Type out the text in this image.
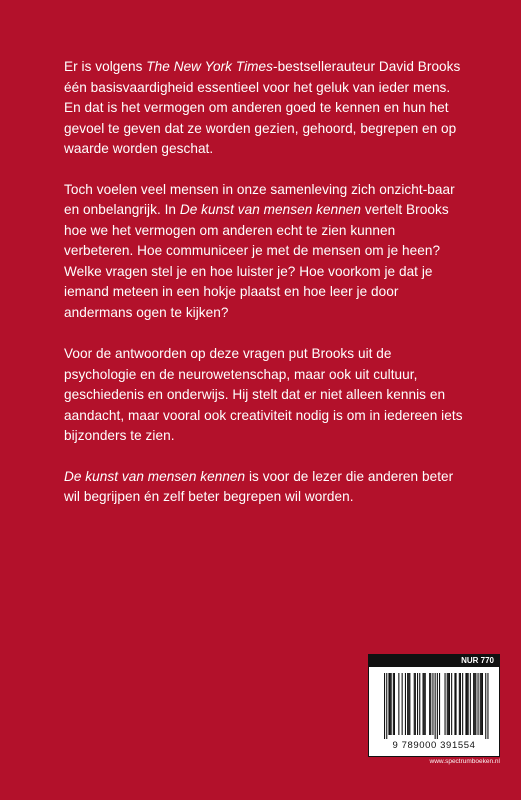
Er is volgens The New York Times-bestsellerauteur David Brooks één basisvaardigheid essentieel voor het geluk van ieder mens. En dat is het vermogen om anderen goed te kennen en hun het gevoel te geven dat ze worden gezien, gehoord, begrepen en op waarde worden geschat.

Toch voelen veel mensen in onze samenleving zich onzicht-baar en onbelangrijk. In De kunst van mensen kennen vertelt Brooks hoe we het vermogen om anderen echt te zien kunnen verbeteren. Hoe communiceer je met de mensen om je heen? Welke vragen stel je en hoe luister je? Hoe voorkom je dat je iemand meteen in een hokje plaatst en hoe leer je door andermans ogen te kijken?

Voor de antwoorden op deze vragen put Brooks uit de psychologie en de neurowetenschap, maar ook uit cultuur, geschiedenis en onderwijs. Hij stelt dat er niet alleen kennis en aandacht, maar vooral ook creativiteit nodig is om in iedereen iets bijzonders te zien.

De kunst van mensen kennen is voor de lezer die anderen beter wil begrijpen én zelf beter begrepen wil worden.

NUR 770
9 789000 391554
www.spectrumboeken.nl
